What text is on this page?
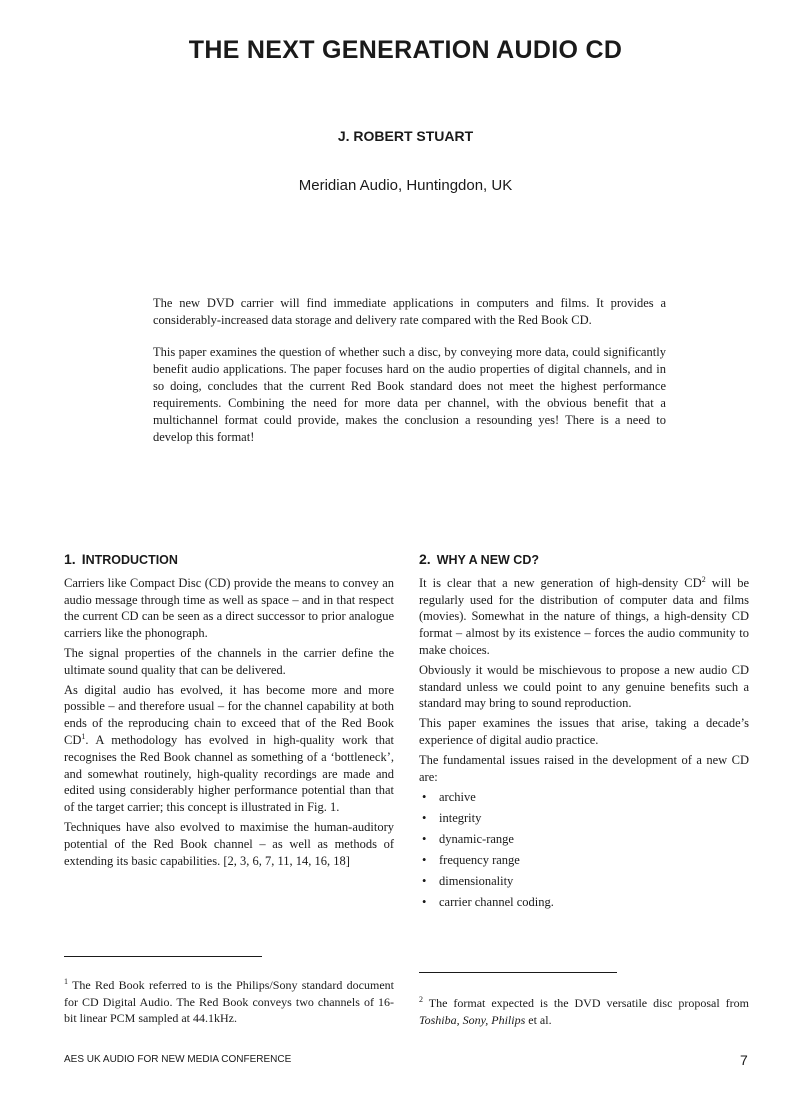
THE NEXT GENERATION AUDIO CD
J. ROBERT STUART
Meridian Audio, Huntingdon, UK

The new DVD carrier will find immediate applications in computers and films. It provides a considerably-increased data storage and delivery rate compared with the Red Book CD.

This paper examines the question of whether such a disc, by conveying more data, could significantly benefit audio applications. The paper focuses hard on the audio properties of digital channels, and in so doing, concludes that the current Red Book standard does not meet the highest performance requirements. Combining the need for more data per channel, with the obvious benefit that a multichannel format could provide, makes the conclusion a resounding yes! There is a need to develop this format!

1. INTRODUCTION

Carriers like Compact Disc (CD) provide the means to convey an audio message through time as well as space – and in that respect the current CD can be seen as a direct successor to prior analogue carriers like the phonograph.

The signal properties of the channels in the carrier define the ultimate sound quality that can be delivered.

As digital audio has evolved, it has become more and more possible – and therefore usual – for the channel capability at both ends of the reproducing chain to exceed that of the Red Book $CD^1$. A methodology has evolved in high-quality work that recognises the Red Book channel as something of a ‘bottleneck’, and somewhat routinely, high-quality recordings are made and edited using considerably higher performance potential than that of the target carrier; this concept is illustrated in Fig. 1.

Techniques have also evolved to maximise the human-auditory potential of the Red Book channel – as well as methods of extending its basic capabilities. [2, 3, 6, 7, 11, 14, 16, 18]

2. WHY A NEW CD?

It is clear that a new generation of high-density $CD^2$ will be regularly used for the distribution of computer data and films (movies). Somewhat in the nature of things, a high-density CD format – almost by its existence – forces the audio community to make choices.

Obviously it would be mischievous to propose a new audio CD standard unless we could point to any genuine benefits such a standard may bring to sound reproduction.

This paper examines the issues that arise, taking a decade’s experience of digital audio practice.

The fundamental issues raised in the development of a new CD are:

• archive
• integrity
• dynamic-range
• frequency range
• dimensionality
• carrier channel coding.

$^1$ The Red Book referred to is the Philips/Sony standard document for CD Digital Audio. The Red Book conveys two channels of 16-bit linear PCM sampled at 44.1kHz.

$^2$ The format expected is the DVD versatile disc proposal from Toshiba, Sony, Philips et al.

AES UK AUDIO FOR NEW MEDIA CONFERENCE	7
